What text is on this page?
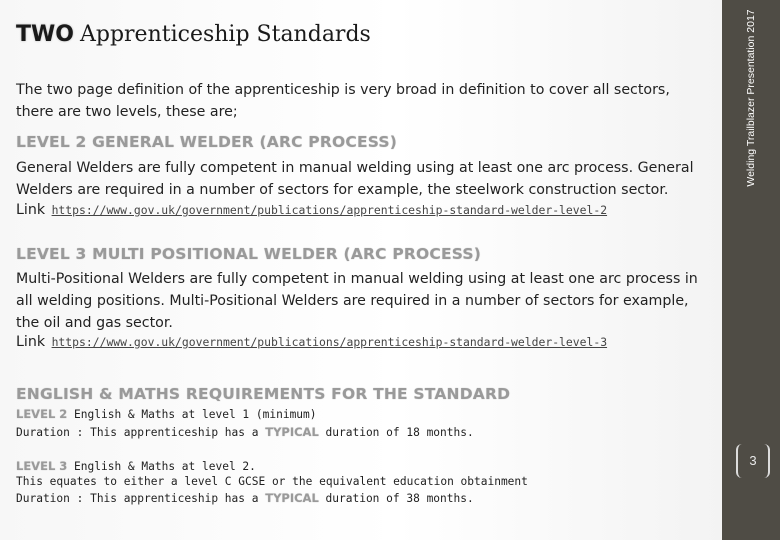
Welding Trailblazer Presentation 2017
3
TWO Apprenticeship Standards
The two page definition of the apprenticeship is very broad in definition to cover all sectors, there are two levels, these are;
LEVEL 2 GENERAL WELDER (ARC PROCESS)
General Welders are fully competent in manual welding using at least one arc process. General Welders are required in a number of sectors for example, the steelwork construction sector.
Link https://www.gov.uk/government/publications/apprenticeship-standard-welder-level-2
LEVEL 3 MULTI POSITIONAL WELDER (ARC PROCESS)
Multi-Positional Welders are fully competent in manual welding using at least one arc process in all welding positions. Multi-Positional Welders are required in a number of sectors for example, the oil and gas sector.
Link https://www.gov.uk/government/publications/apprenticeship-standard-welder-level-3
ENGLISH & MATHS REQUIREMENTS FOR THE STANDARD
LEVEL 2 English & Maths at level 1 (minimum)
Duration : This apprenticeship has a TYPICAL duration of 18 months.
LEVEL 3 English & Maths at level 2.
This equates to either a level C GCSE or the equivalent education obtainment
Duration : This apprenticeship has a TYPICAL duration of 38 months.
